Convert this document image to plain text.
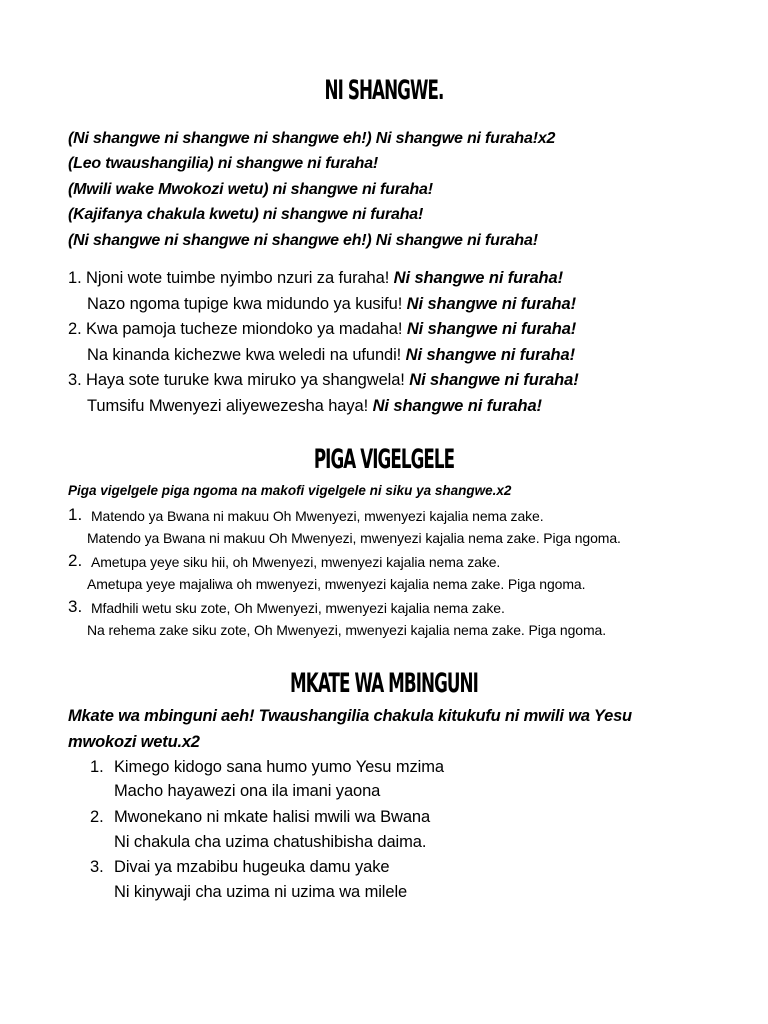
NI SHANGWE.
(Ni shangwe ni shangwe ni shangwe eh!) Ni shangwe ni furaha!x2
(Leo twaushangilia) ni shangwe ni furaha!
(Mwili wake Mwokozi wetu) ni shangwe ni furaha!
(Kajifanya chakula kwetu) ni shangwe ni furaha!
(Ni shangwe ni shangwe ni shangwe eh!) Ni shangwe ni furaha!
1. Njoni wote tuimbe nyimbo nzuri za furaha! Ni shangwe ni furaha!
Nazo ngoma tupige kwa midundo ya kusifu! Ni shangwe ni furaha!
2. Kwa pamoja tucheze miondoko ya madaha! Ni shangwe ni furaha!
Na kinanda kichezwe kwa weledi na ufundi! Ni shangwe ni furaha!
3. Haya sote turuke kwa miruko ya shangwela! Ni shangwe ni furaha!
Tumsifu Mwenyezi aliyewezesha haya! Ni shangwe ni furaha!
PIGA VIGELGELE
Piga vigelgele piga ngoma na makofi vigelgele ni siku ya shangwe.x2
1. Matendo ya Bwana ni makuu Oh Mwenyezi, mwenyezi kajalia nema zake.
Matendo ya Bwana ni makuu Oh Mwenyezi, mwenyezi kajalia nema zake. Piga ngoma.
2. Ametupa yeye siku hii, oh Mwenyezi, mwenyezi kajalia nema zake.
Ametupa yeye majaliwa oh mwenyezi, mwenyezi kajalia nema zake. Piga ngoma.
3. Mfadhili wetu sku zote, Oh Mwenyezi, mwenyezi kajalia nema zake.
Na rehema zake siku zote, Oh Mwenyezi, mwenyezi kajalia nema zake. Piga ngoma.
MKATE WA MBINGUNI
Mkate wa mbinguni aeh! Twaushangilia chakula kitukufu ni mwili wa Yesu
mwokozi wetu.x2
1. Kimego kidogo sana humo yumo Yesu mzima
Macho hayawezi ona ila imani yaona
2. Mwonekano ni mkate halisi mwili wa Bwana
Ni chakula cha uzima chatushibisha daima.
3. Divai ya mzabibu hugeuka damu yake
Ni kinywaji cha uzima ni uzima wa milele
